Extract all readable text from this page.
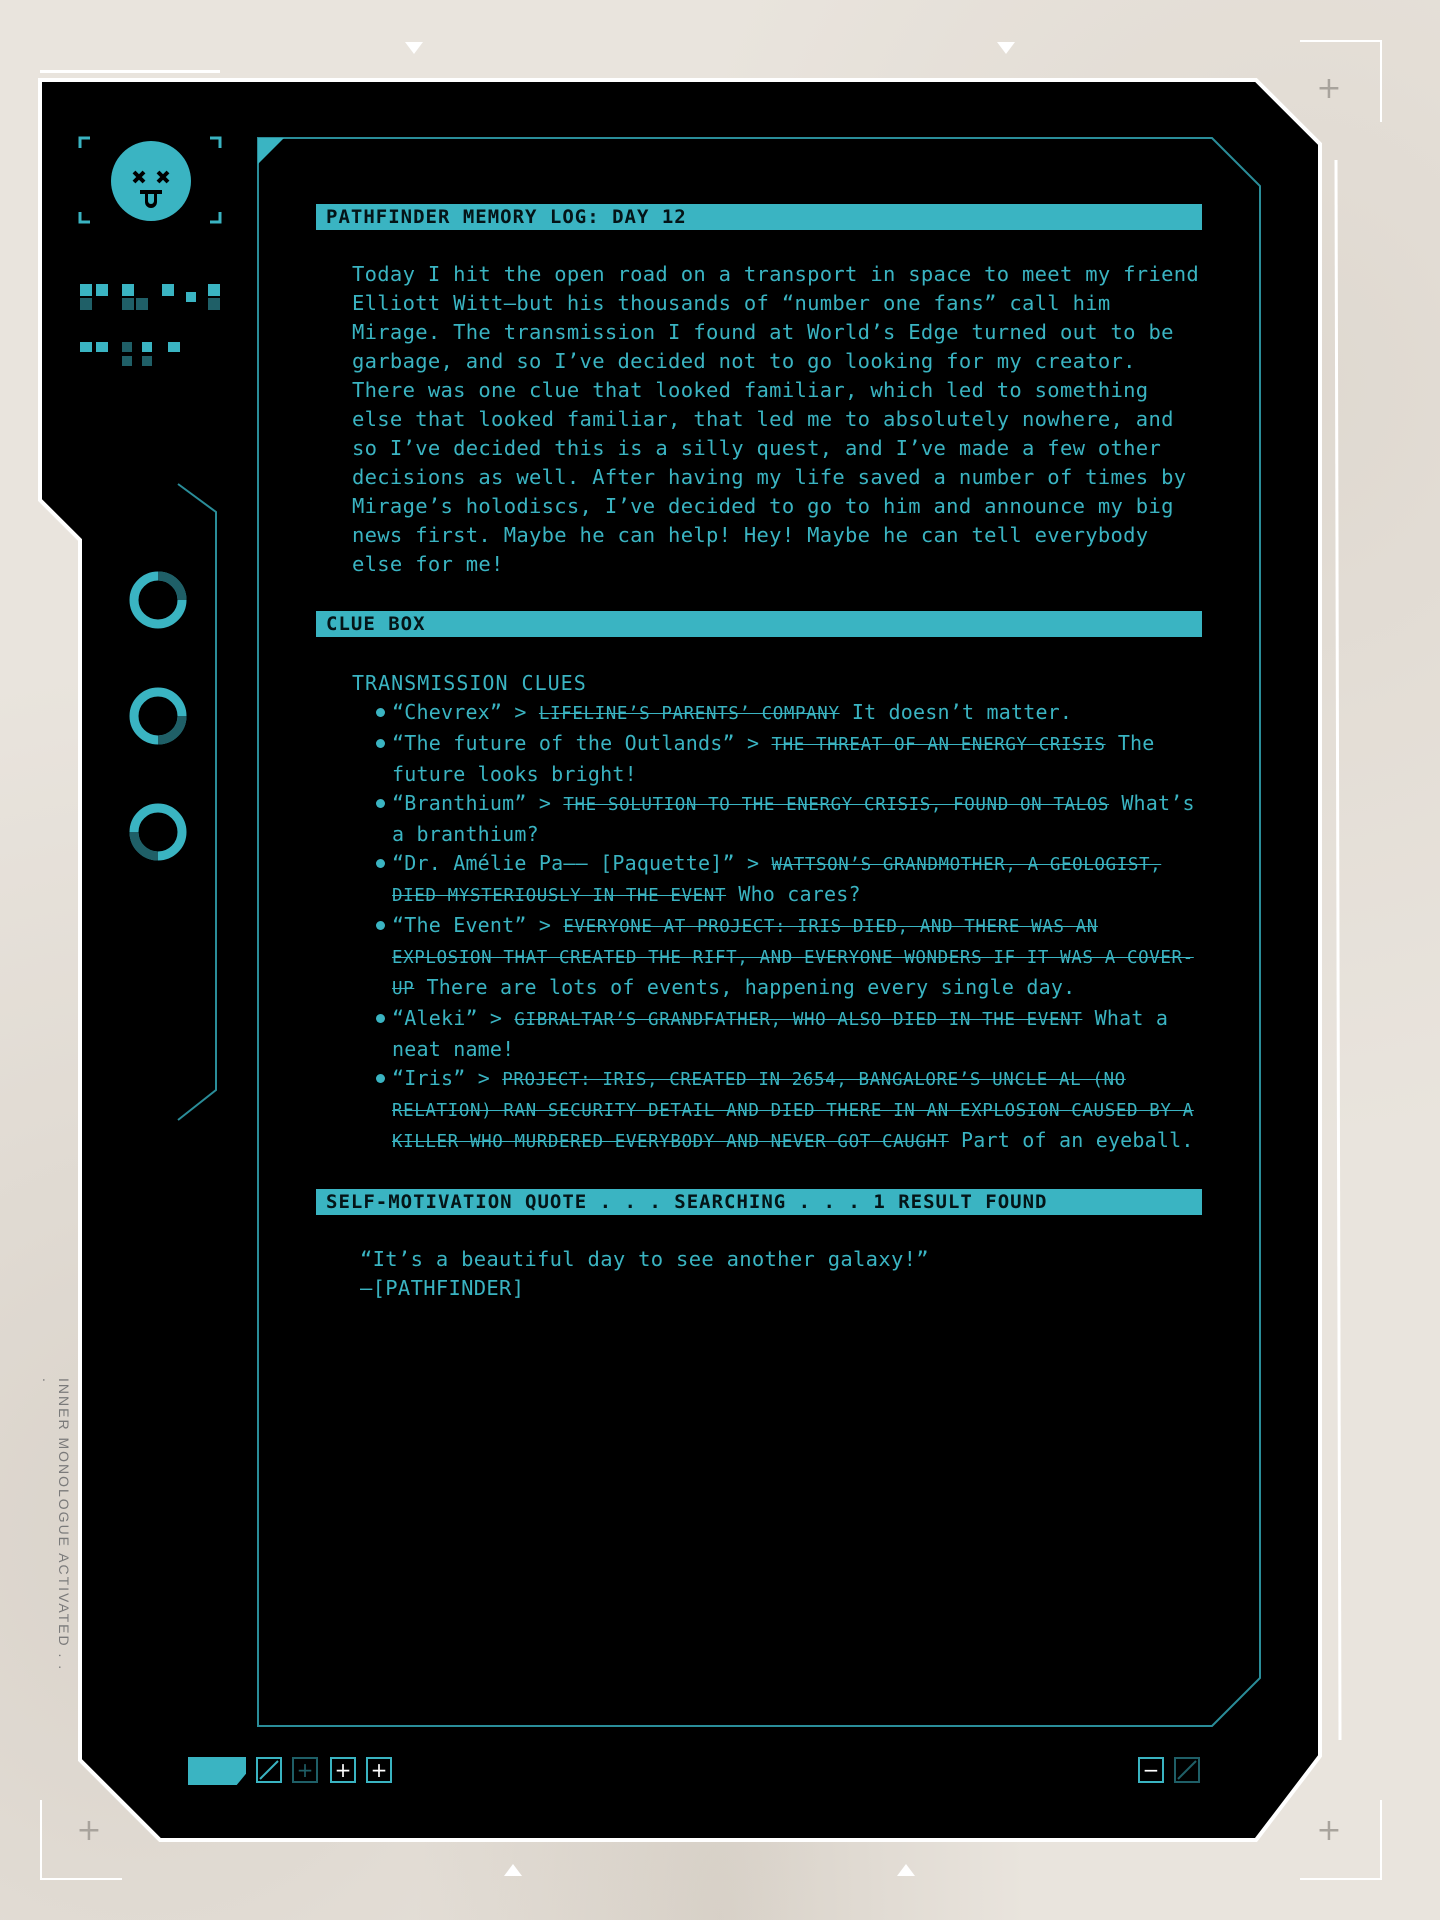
+
+	+
INNER MONOLOGUE ACTIVATED . . .
PATHFINDER MEMORY LOG: DAY 12
Today I hit the open road on a transport in space to meet my friend Elliott Witt—but his thousands of “number one fans” call him Mirage. The transmission I found at World’s Edge turned out to be garbage, and so I’ve decided not to go looking for my creator. There was one clue that looked familiar, which led to something else that looked familiar, that led me to absolutely nowhere, and so I’ve decided this is a silly quest, and I’ve made a few other decisions as well. After having my life saved a number of times by Mirage’s holodiscs, I’ve decided to go to him and announce my big news first. Maybe he can help! Hey! Maybe he can tell everybody else for me!
CLUE BOX
TRANSMISSION CLUES
“Chevrex” > LIFELINE’S PARENTS’ COMPANY It doesn’t matter.
“The future of the Outlands” > THE THREAT OF AN ENERGY CRISIS The future looks bright!
“Branthium” > THE SOLUTION TO THE ENERGY CRISIS, FOUND ON TALOS What’s a branthium?
“Dr. Amélie Pa—— [Paquette]” > WATTSON’S GRANDMOTHER, A GEOLOGIST, DIED MYSTERIOUSLY IN THE EVENT Who cares?
“The Event” > EVERYONE AT PROJECT: IRIS DIED, AND THERE WAS AN EXPLOSION THAT CREATED THE RIFT, AND EVERYONE WONDERS IF IT WAS A COVER-UP There are lots of events, happening every single day.
“Aleki” > GIBRALTAR’S GRANDFATHER, WHO ALSO DIED IN THE EVENT What a neat name!
“Iris” > PROJECT: IRIS, CREATED IN 2654, BANGALORE’S UNCLE AL (NO RELATION) RAN SECURITY DETAIL AND DIED THERE IN AN EXPLOSION CAUSED BY A KILLER WHO MURDERED EVERYBODY AND NEVER GOT CAUGHT Part of an eyeball.
SELF-MOTIVATION QUOTE . . . SEARCHING . . . 1 RESULT FOUND
“It’s a beautiful day to see another galaxy!”
—[PATHFINDER]
+ + +	−
